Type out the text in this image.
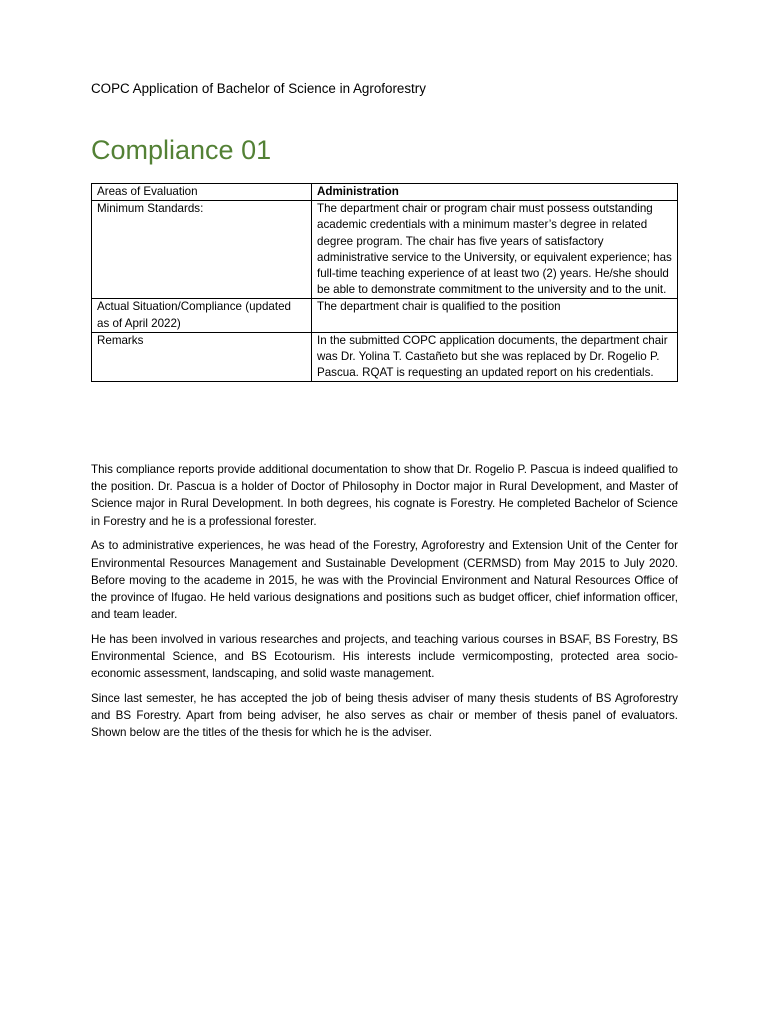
COPC Application of Bachelor of Science in Agroforestry
Compliance 01
Areas of Evaluation	Administration
Minimum Standards:	The department chair or program chair must possess outstanding academic credentials with a minimum master’s degree in related degree program. The chair has five years of satisfactory administrative service to the University, or equivalent experience; has full-time teaching experience of at least two (2) years. He/she should be able to demonstrate commitment to the university and to the unit.
Actual Situation/Compliance (updated as of April 2022)	The department chair is qualified to the position
Remarks	In the submitted COPC application documents, the department chair was Dr. Yolina T. Castañeto but she was replaced by Dr. Rogelio P. Pascua. RQAT is requesting an updated report on his credentials.

This compliance reports provide additional documentation to show that Dr. Rogelio P. Pascua is indeed qualified to the position. Dr. Pascua is a holder of Doctor of Philosophy in Doctor major in Rural Development, and Master of Science major in Rural Development. In both degrees, his cognate is Forestry. He completed Bachelor of Science in Forestry and he is a professional forester.

As to administrative experiences, he was head of the Forestry, Agroforestry and Extension Unit of the Center for Environmental Resources Management and Sustainable Development (CERMSD) from May 2015 to July 2020. Before moving to the academe in 2015, he was with the Provincial Environment and Natural Resources Office of the province of Ifugao. He held various designations and positions such as budget officer, chief information officer, and team leader.

He has been involved in various researches and projects, and teaching various courses in BSAF, BS Forestry, BS Environmental Science, and BS Ecotourism. His interests include vermicomposting, protected area socio-economic assessment, landscaping, and solid waste management.

Since last semester, he has accepted the job of being thesis adviser of many thesis students of BS Agroforestry and BS Forestry. Apart from being adviser, he also serves as chair or member of thesis panel of evaluators. Shown below are the titles of the thesis for which he is the adviser.
